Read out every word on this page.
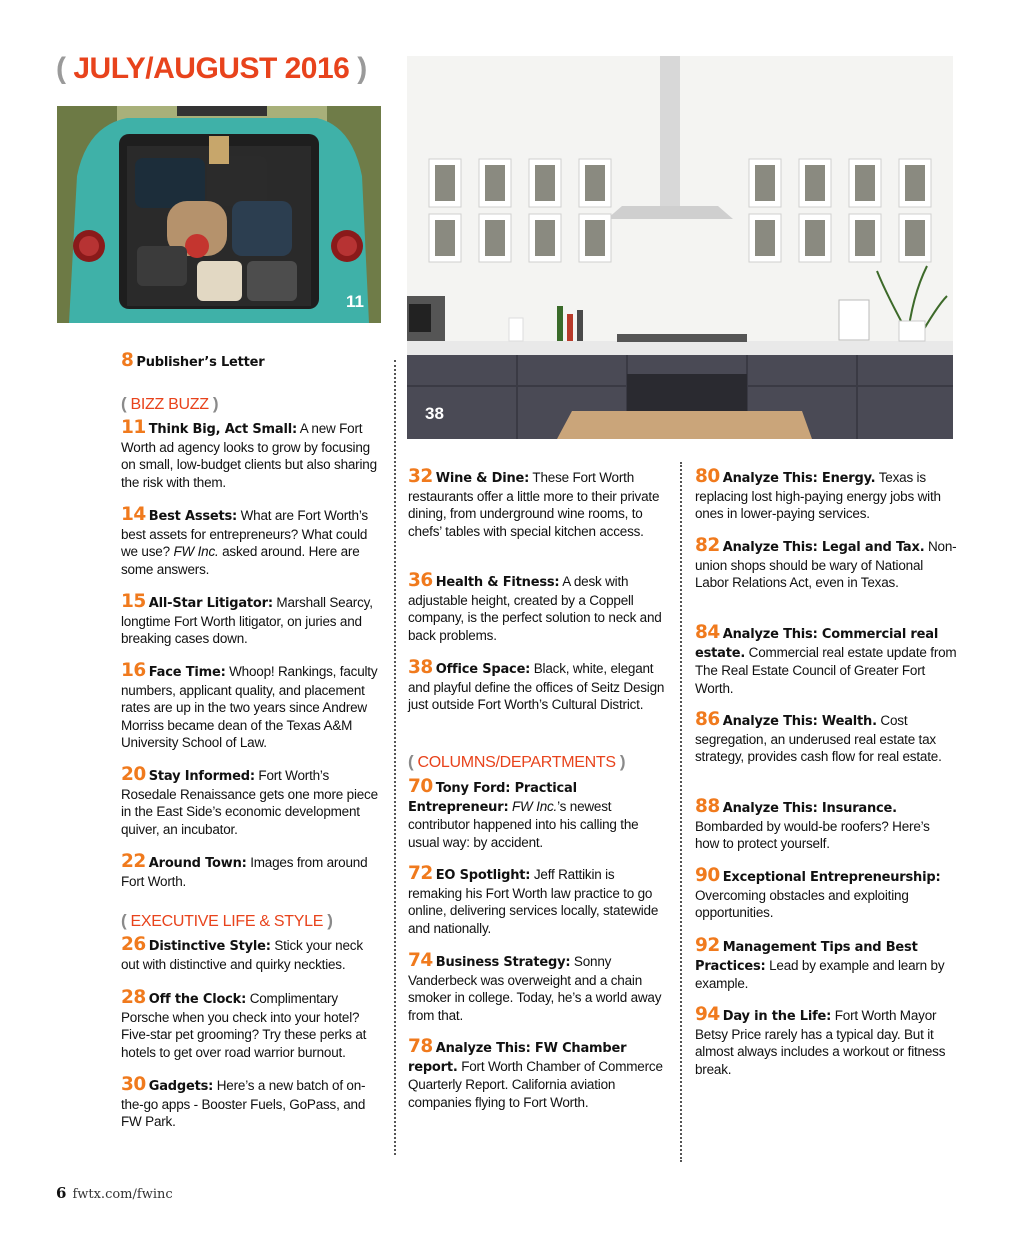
( JULY/AUGUST 2016 )
11
38
8 Publisher’s Letter
( BIZZ BUZZ )
11 Think Big, Act Small: A new Fort Worth ad agency looks to grow by focusing on small, low-budget clients but also sharing the risk with them.
14 Best Assets: What are Fort Worth’s best assets for entrepreneurs? What could we use? FW Inc. asked around. Here are some answers.
15 All-Star Litigator: Marshall Searcy, longtime Fort Worth litigator, on juries and breaking cases down.
16 Face Time: Whoop! Rankings, faculty numbers, applicant quality, and placement rates are up in the two years since Andrew Morriss became dean of the Texas A&M University School of Law.
20 Stay Informed: Fort Worth’s Rosedale Renaissance gets one more piece in the East Side’s economic development quiver, an incubator.
22 Around Town: Images from around Fort Worth.
( EXECUTIVE LIFE & STYLE )
26 Distinctive Style: Stick your neck out with distinctive and quirky neckties.
28 Off the Clock: Complimentary Porsche when you check into your hotel? Five-star pet grooming? Try these perks at hotels to get over road warrior burnout.
30 Gadgets: Here’s a new batch of on-the-go apps - Booster Fuels, GoPass, and FW Park.
32 Wine & Dine: These Fort Worth restaurants offer a little more to their private dining, from underground wine rooms, to chefs’ tables with special kitchen access.
36 Health & Fitness: A desk with adjustable height, created by a Coppell company, is the perfect solution to neck and back problems.
38 Office Space: Black, white, elegant and playful define the offices of Seitz Design just outside Fort Worth’s Cultural District.
( COLUMNS/DEPARTMENTS )
70 Tony Ford: Practical Entrepreneur: FW Inc.’s newest contributor happened into his calling the usual way: by accident.
72 EO Spotlight: Jeff Rattikin is remaking his Fort Worth law practice to go online, delivering services locally, statewide and nationally.
74 Business Strategy: Sonny Vanderbeck was overweight and a chain smoker in college. Today, he’s a world away from that.
78 Analyze This: FW Chamber report. Fort Worth Chamber of Commerce Quarterly Report. California aviation companies flying to Fort Worth.
80 Analyze This: Energy. Texas is replacing lost high-paying energy jobs with ones in lower-paying services.
82 Analyze This: Legal and Tax. Non-union shops should be wary of National Labor Relations Act, even in Texas.
84 Analyze This: Commercial real estate. Commercial real estate update from The Real Estate Council of Greater Fort Worth.
86 Analyze This: Wealth. Cost segregation, an underused real estate tax strategy, provides cash flow for real estate.
88 Analyze This: Insurance. Bombarded by would-be roofers? Here’s how to protect yourself.
90 Exceptional Entrepreneurship: Overcoming obstacles and exploiting opportunities.
92 Management Tips and Best Practices: Lead by example and learn by example.
94 Day in the Life: Fort Worth Mayor Betsy Price rarely has a typical day. But it almost always includes a workout or fitness break.
6 fwtx.com/fwinc
